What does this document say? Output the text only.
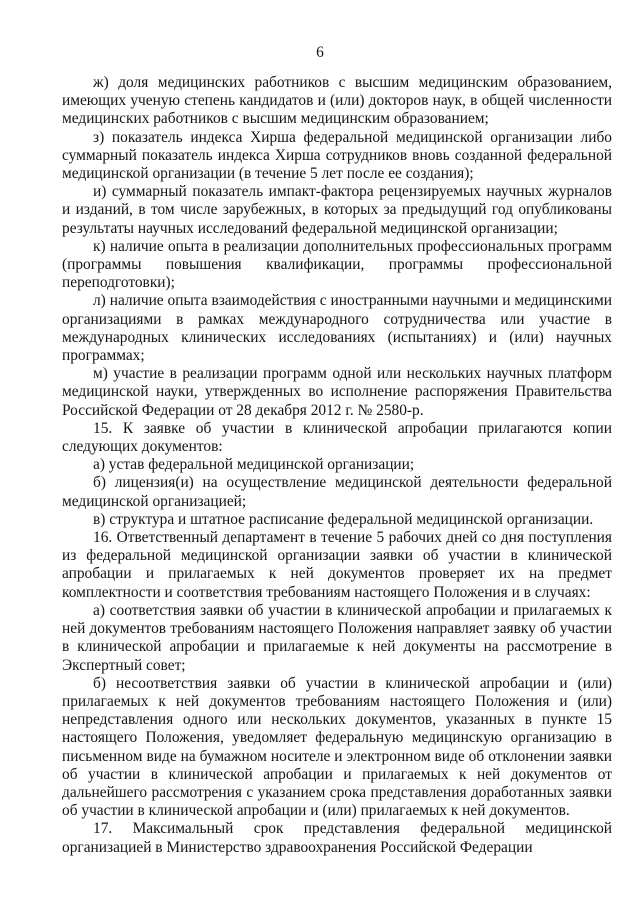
6

ж) доля медицинских работников с высшим медицинским образованием, имеющих ученую степень кандидатов и (или) докторов наук, в общей численности медицинских работников с высшим медицинским образованием;

з) показатель индекса Хирша федеральной медицинской организации либо суммарный показатель индекса Хирша сотрудников вновь созданной федеральной медицинской организации (в течение 5 лет после ее создания);

и) суммарный показатель импакт-фактора рецензируемых научных журналов и изданий, в том числе зарубежных, в которых за предыдущий год опубликованы результаты научных исследований федеральной медицинской организации;

к) наличие опыта в реализации дополнительных профессиональных программ (программы повышения квалификации, программы профессиональной переподготовки);

л) наличие опыта взаимодействия с иностранными научными и медицинскими организациями в рамках международного сотрудничества или участие в международных клинических исследованиях (испытаниях) и (или) научных программах;

м) участие в реализации программ одной или нескольких научных платформ медицинской науки, утвержденных во исполнение распоряжения Правительства Российской Федерации от 28 декабря 2012 г. № 2580-р.

15. К заявке об участии в клинической апробации прилагаются копии следующих документов:

а) устав федеральной медицинской организации;

б) лицензия(и) на осуществление медицинской деятельности федеральной медицинской организацией;

в) структура и штатное расписание федеральной медицинской организации.

16. Ответственный департамент в течение 5 рабочих дней со дня поступления из федеральной медицинской организации заявки об участии в клинической апробации и прилагаемых к ней документов проверяет их на предмет комплектности и соответствия требованиям настоящего Положения и в случаях:

а) соответствия заявки об участии в клинической апробации и прилагаемых к ней документов требованиям настоящего Положения направляет заявку об участии в клинической апробации и прилагаемые к ней документы на рассмотрение в Экспертный совет;

б) несоответствия заявки об участии в клинической апробации и (или) прилагаемых к ней документов требованиям настоящего Положения и (или) непредставления одного или нескольких документов, указанных в пункте 15 настоящего Положения, уведомляет федеральную медицинскую организацию в письменном виде на бумажном носителе и электронном виде об отклонении заявки об участии в клинической апробации и прилагаемых к ней документов от дальнейшего рассмотрения с указанием срока представления доработанных заявки об участии в клинической апробации и (или) прилагаемых к ней документов.

17. Максимальный срок представления федеральной медицинской организацией в Министерство здравоохранения Российской Федерации
